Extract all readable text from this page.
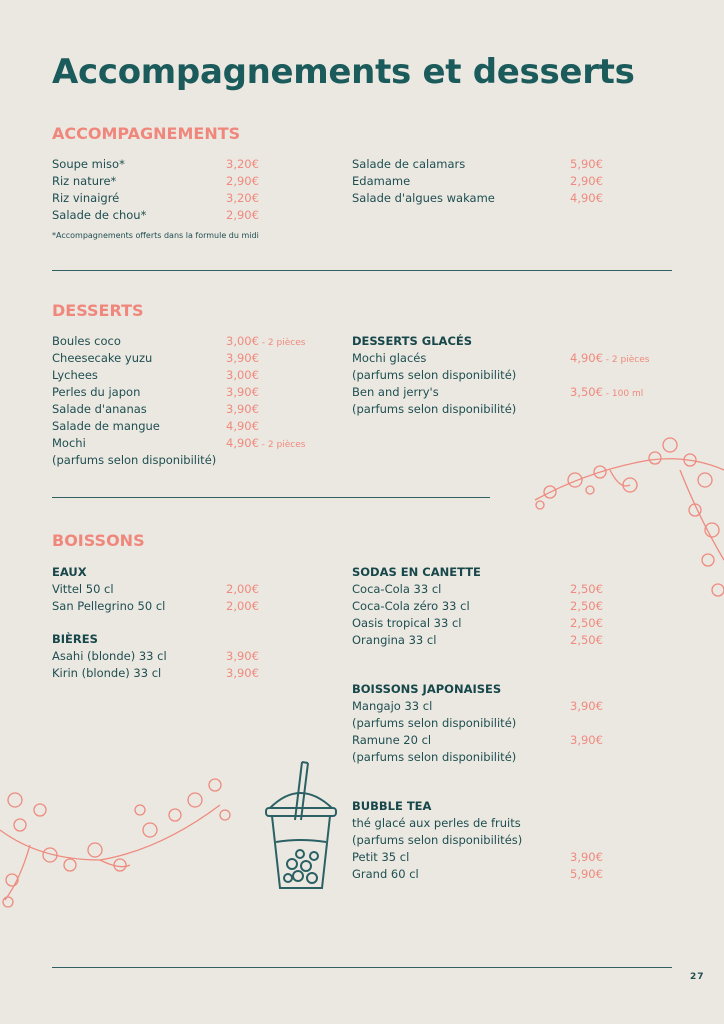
Accompagnements et desserts
ACCOMPAGNEMENTS
Soupe miso*	3,20€
Riz nature*	2,90€
Riz vinaigré	3,20€
Salade de chou*	2,90€
Salade de calamars	5,90€
Edamame	2,90€
Salade d'algues wakame	4,90€
*Accompagnements offerts dans la formule du midi
DESSERTS
Boules coco	3,00€ - 2 pièces
Cheesecake yuzu	3,90€
Lychees	3,00€
Perles du japon	3,90€
Salade d'ananas	3,90€
Salade de mangue	4,90€
Mochi	4,90€ - 2 pièces
(parfums selon disponibilité)
DESSERTS GLACÉS
Mochi glacés	4,90€ - 2 pièces
(parfums selon disponibilité)
Ben and jerry's	3,50€ - 100 ml
(parfums selon disponibilité)
BOISSONS
EAUX
Vittel 50 cl	2,00€
San Pellegrino 50 cl	2,00€
BIÈRES
Asahi (blonde) 33 cl	3,90€
Kirin (blonde) 33 cl	3,90€
SODAS EN CANETTE
Coca-Cola 33 cl	2,50€
Coca-Cola zéro 33 cl	2,50€
Oasis tropical 33 cl	2,50€
Orangina 33 cl	2,50€
BOISSONS JAPONAISES
Mangajo 33 cl	3,90€
(parfums selon disponibilité)
Ramune 20 cl	3,90€
(parfums selon disponibilité)
BUBBLE TEA
thé glacé aux perles de fruits
(parfums selon disponibilités)
Petit 35 cl	3,90€
Grand 60 cl	5,90€
27
